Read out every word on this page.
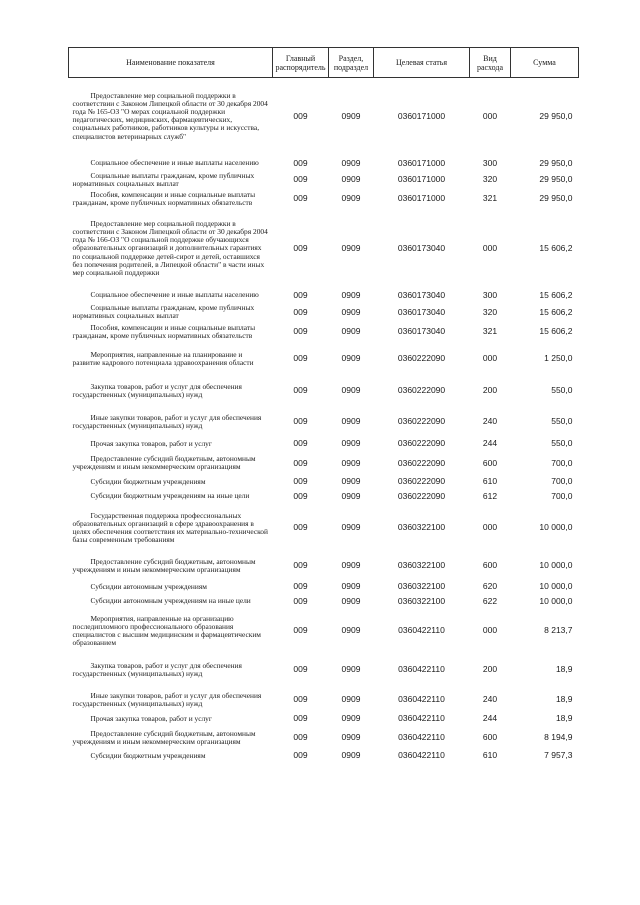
Наименование показателя	Главный распорядитель	Раздел, подраздел	Целевая статья	Вид расхода	Сумма
Предоставление мер социальной поддержки в соответствии с Законом Липецкой области от 30 декабря 2004 года № 165-ОЗ "О мерах социальной поддержки педагогических, медицинских, фармацевтических, социальных работников, работников культуры и искусства, специалистов ветеринарных служб"	009	0909	0360171000	000	29 950,0
Социальное обеспечение и иные выплаты населению	009	0909	0360171000	300	29 950,0
Социальные выплаты гражданам, кроме публичных нормативных социальных выплат	009	0909	0360171000	320	29 950,0
Пособия, компенсации и иные социальные выплаты гражданам, кроме публичных нормативных обязательств	009	0909	0360171000	321	29 950,0
Предоставление мер социальной поддержки в соответствии с Законом Липецкой области от 30 декабря 2004 года № 166-ОЗ "О социальной поддержке обучающихся образовательных организаций и дополнительных гарантиях по социальной поддержке детей-сирот и детей, оставшихся без попечения родителей, в Липецкой области" в части иных мер социальной поддержки	009	0909	0360173040	000	15 606,2
Социальное обеспечение и иные выплаты населению	009	0909	0360173040	300	15 606,2
Социальные выплаты гражданам, кроме публичных нормативных социальных выплат	009	0909	0360173040	320	15 606,2
Пособия, компенсации и иные социальные выплаты гражданам, кроме публичных нормативных обязательств	009	0909	0360173040	321	15 606,2
Мероприятия, направленные на планирование и развитие кадрового потенциала здравоохранения области	009	0909	0360222090	000	1 250,0
Закупка товаров, работ и услуг для обеспечения государственных (муниципальных) нужд	009	0909	0360222090	200	550,0
Иные закупки товаров, работ и услуг для обеспечения государственных (муниципальных) нужд	009	0909	0360222090	240	550,0
Прочая закупка товаров, работ и услуг	009	0909	0360222090	244	550,0
Предоставление субсидий бюджетным, автономным учреждениям и иным некоммерческим организациям	009	0909	0360222090	600	700,0
Субсидии бюджетным учреждениям	009	0909	0360222090	610	700,0
Субсидии бюджетным учреждениям на иные цели	009	0909	0360222090	612	700,0
Государственная поддержка профессиональных образовательных организаций в сфере здравоохранения в целях обеспечения соответствия их материально-технической базы современным требованиям	009	0909	0360322100	000	10 000,0
Предоставление субсидий бюджетным, автономным учреждениям и иным некоммерческим организациям	009	0909	0360322100	600	10 000,0
Субсидии автономным учреждениям	009	0909	0360322100	620	10 000,0
Субсидии автономным учреждениям на иные цели	009	0909	0360322100	622	10 000,0
Мероприятия, направленные на организацию последипломного профессионального образования специалистов с высшим медицинским и фармацевтическим образованием	009	0909	0360422110	000	8 213,7
Закупка товаров, работ и услуг для обеспечения государственных (муниципальных) нужд	009	0909	0360422110	200	18,9
Иные закупки товаров, работ и услуг для обеспечения государственных (муниципальных) нужд	009	0909	0360422110	240	18,9
Прочая закупка товаров, работ и услуг	009	0909	0360422110	244	18,9
Предоставление субсидий бюджетным, автономным учреждениям и иным некоммерческим организациям	009	0909	0360422110	600	8 194,9
Субсидии бюджетным учреждениям	009	0909	0360422110	610	7 957,3
